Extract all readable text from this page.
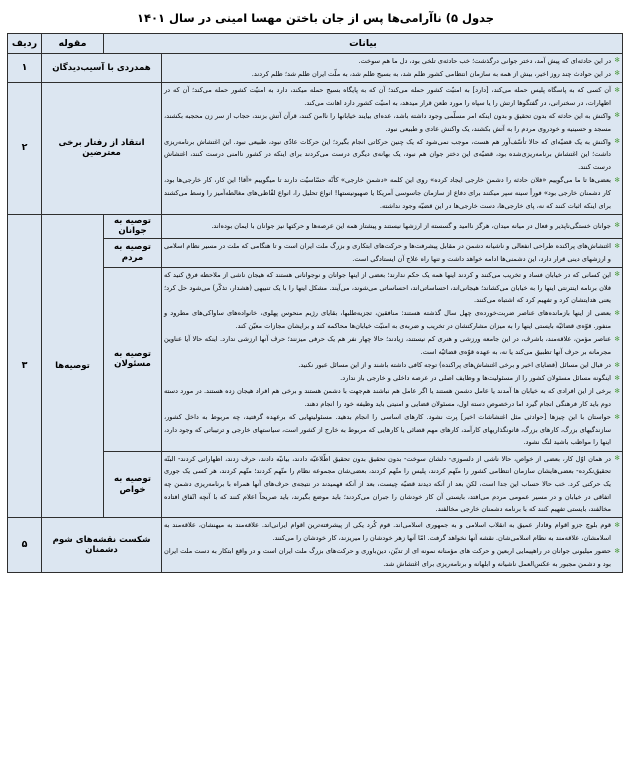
جدول ۵) ناآرامی‌ها پس از جان باختن مهسا امینی در سال ۱۴۰۱
بیانات		مقوله	ردیف

✻
در این حادثه‌ای که پیش آمد، دختر جوانی درگذشت؛ خب حادثه‌ی تلخی بود، دل ما هم سوخت.
✻
در این حوادث چند روز اخیر، بیش از همه به سازمان انتظامی کشور ظلم شد، به بسیج ظلم شد، به ملّت ایران ظلم شد؛ ظلم کردند.
	همدردی با آسیب‌دیدگان	۱

✻
آن کسی که به پاسگاه پلیس حمله می‌کند، [دارد] به امنیّت کشور حمله می‌کند؛ آن که به پایگاه بسیج حمله میکند، دارد به امنیّت کشور حمله می‌کند؛ آن که در اظهارات، در سخنرانی، در گفتگوها ارتش را یا سپاه را مورد طعن قرار میدهد، به امنیّت کشور دارد اهانت می‌کند.
✻
واکنش به این حادثه که بدون تحقیق و بدون اینکه امر مسلّمی وجود داشته باشد، عده‌ای بیایند خیابانها را ناامن کنند، قرآن آتش بزنند، حجاب از سر زن محجبه بکشند، مسجد و حسینیه و خودروی مردم را به آتش بکشند، یک واکنش عادی و طبیعی نبود.
✻
واکنش به یک قضیّه‌ای که حالا تأسّف‌آور هم هست، موجب نمی‌شود که یک چنین حرکاتی انجام بگیرد؛ این حرکات عادّی نبود، طبیعی نبود. این اغتشاش برنامه‌ریزی داشت؛ این اغتشاش برنامه‌ریزی‌شده بود، قضیّه‌ی این دختر جوان هم نبود، یک بهانه‌ی دیگری درست می‌کردند برای اینکه در کشور ناامنی درست کنند، اغتشاش درست کنند.
✻
بعضی‌ها تا ما می‌گوییم «فلان حادثه را دشمن خارجی ایجاد کرده» روی این کلمه «دشمن خارجی» کأنّه حسّاسیّت دارند تا میگوییم «آقا! این کار، کار خارجی‌ها بود، کار دشمنان خارجی بود» فوراً سینه سپر میکنند برای دفاع از سازمان جاسوسی آمریکا یا صهیونیستها! انواع تحلیل را، انواع لفّاظی‌های مغالطه‌آمیز را وسط می‌کشند برای اینکه اثبات کنند که نه، پای خارجی‌ها، دست خارجی‌ها در این قضیّه وجود نداشته.
	انتقاد از رفتار برخی معترضین	۲

✻
جوانان خستگی‌ناپذیر و فعال در میانه میدان، هرگز ناامید و گسسته از ارزشها نیستند و پیشتاز همه این عرصه‌ها و حرکتها نیز جوانان با ایمان بوده‌اند.
	توصیه به جوانان	توصیه‌ها	۳

✻
اغتشاش‌های پراکنده طراحی انفعالی و ناشیانه دشمن در مقابل پیشرفت‌ها و حرکت‌های ابتکاری و بزرگ ملت ایران است و تا هنگامی که ملت در مسیر نظام اسلامی و ارزشهای دینی قرار دارد، این دشمنی‌ها ادامه خواهد داشت و تنها راه علاج آن ایستادگی است.
	توصیه به مردم

✻
این کسانی که در خیابان فساد و تخریب می‌کنند و کردند اینها همه یک حکم ندارند؛ بعضی از اینها جوانان و نوجوانانی هستند که هیجان ناشی از ملاحظه فرق کنید که فلان برنامه اینترنتی اینها را به خیابان می‌کشاند؛ هیجانی‌اند، احساساتی‌اند، احساساتی می‌شوند، می‌آیند. مشکل اینها را با یک تنبیهی (هشدار، تذکّر) می‌شود حل کرد؛ یعنی هدایتشان کرد و تفهیم کرد که اشتباه می‌کنند.
✻
بعضی از اینها بازمانده‌های عناصر ضربت‌خورده‌ی چهل سال گذشته هستند: منافقین، تجزیه‌طلبها، بقایای رژیم منحوس پهلوی، خانواده‌های ساواکی‌های مطرود و منفور. قوّه‌ی قضائیّه بایستی اینها را به میزان مشارکتشان در تخریب و ضربه‌ی به امنیّت خیابان‌ها محاکمه کند و برایشان مجازات معیّن کند.
✻
عناصر مؤمن، علاقه‌مند، باشرف، در این جامعه ورزشی و هنری کم نیستند، زیادند؛ حالا چهار نفر هم یک حرفی میزنند؛ حرف آنها ارزشی ندارد. اینکه حالا آیا عناوین مجرمانه بر حرف آنها تطبیق می‌کند یا نه، به عهده قوّه‌ی قضائیّه است.
✻
در قبال این مسائل (قضایای اخیر و برخی اغتشاش‌های پراکنده) توجه کافی داشته باشند و از این مسائل عبور نکنید.
✻
اینگونه مسائل مسئولان کشور را از مسئولیت‌ها و وظایف اصلی در عرصه داخلی و خارجی باز ندارد.
✻
برخی از این افرادی که به خیابان ها آمدند یا عامل دشمن هستند یا اگر عامل هم نباشند هم‌جهت با دشمن هستند و برخی هم افراد هیجان زده هستند. در مورد دسته دوم باید کار فرهنگی انجام گیرد اما درخصوص دسته اول، مسئولان قضایی و امنیتی باید وظیفه خود را انجام دهند.
✻
حواستان با این چیزها [حوادثی مثل اغتشاشات اخیر] پرت نشود. کارهای اساسی را انجام بدهید. مسئولیتهایی که برعهده گرفتید، چه مربوط به داخل کشور، سازندگیهای بزرگ، کارهای بزرگ، قانونگذاریهای کارآمد، کارهای مهم قضائی یا کارهایی که مربوط به خارج از کشور است، سیاستهای خارجی و ترتیباتی که وجود دارد، اینها را مواظب باشید لنگ نشود.
	توصیه به مسئولان

✻
در همان اوّل کار، بعضی از خواص، حالا ناشی از دلسوزی- دلشان سوخت- بدون تحقیق بدون تحقیق اطّلاعیّه دادند، بیانیّه دادند، حرف زدند، اظهاراتی کردند- البتّه تحقیق‌نکرده- بعضی‌هایشان سازمان انتظامی کشور را متّهم کردند، پلیس را متّهم کردند، بعضی‌شان مجموعه نظام را متّهم کردند؛ متّهم کردند، هر کسی یک جوری یک حرکتی کرد. خب حالا حساب این جدا است، لکن بعد از آنکه دیدند قضیّه چیست، بعد از آنکه فهمیدند در نتیجه‌ی حرف‌های آنها همراه با برنامه‌ریزی دشمن چه اتفاقی در خیابان و در مسیر عمومی مردم می‌افتد، بایستی آن کار خودشان را جبران می‌کردند؛ باید موضع بگیرند، باید صریحاً اعلام کنند که با آنچه اتّفاق افتاده مخالفند، بایستی تفهیم کنند که با برنامه دشمنان خارجی مخالفند.
	توصیه به خواص

✻
قوم بلوچ جزو اقوام وفادار عمیق به انقلاب اسلامی و به جمهوری اسلامی‌اند. قوم کُرد یکی از پیشرفته‌ترین اقوام ایرانی‌اند. علاقه‌مند به میهنشان، علاقه‌مند به اسلامشان، علاقه‌مند به نظام اسلامی‌شان. نقشه آنها نخواهد گرفت. امّا آنها زهر خودشان را میریزند، کار خودشان را می‌کنند.
✻
حضور میلیونی جوانان در راهپیمایی اربعین و حرکت های مؤمنانه نمونه ای از تدیّن، دین‌باوری و حرکت‌های بزرگ ملت ایران است و در واقع ابتکار به دست ملت ایران بود و دشمن مجبور به عکس‌العمل ناشیانه و ابلهانه و برنامه‌ریزی برای اغتشاش شد.
	شکست نقشه‌های شوم دشمنان	۵
